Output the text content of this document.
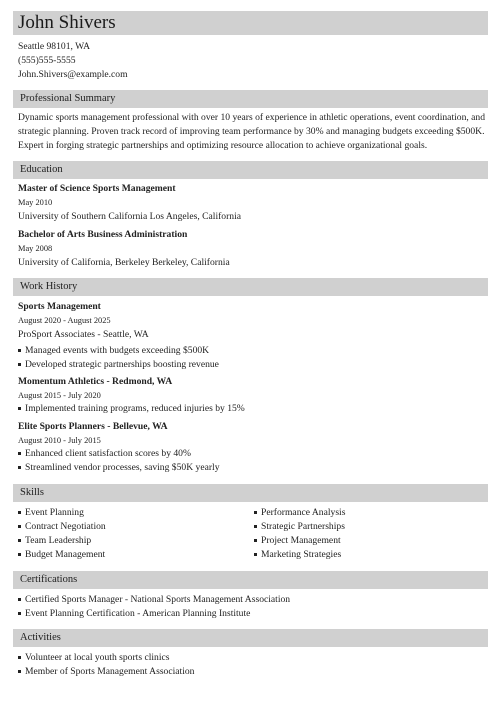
John Shivers
Seattle 98101, WA
(555)555-5555
John.Shivers@example.com
Professional Summary
Dynamic sports management professional with over 10 years of experience in athletic operations, event coordination, and strategic planning. Proven track record of improving team performance by 30% and managing budgets exceeding $500K. Expert in forging strategic partnerships and optimizing resource allocation to achieve organizational goals.
Education
Master of Science Sports Management
May 2010
University of Southern California Los Angeles, California
Bachelor of Arts Business Administration
May 2008
University of California, Berkeley Berkeley, California
Work History
Sports Management
August 2020 - August 2025
ProSport Associates - Seattle, WA
Managed events with budgets exceeding $500K
Developed strategic partnerships boosting revenue
Momentum Athletics - Redmond, WA
August 2015 - July 2020
Implemented training programs, reduced injuries by 15%
Elite Sports Planners - Bellevue, WA
August 2010 - July 2015
Enhanced client satisfaction scores by 40%
Streamlined vendor processes, saving $50K yearly
Skills
Event Planning
Contract Negotiation
Team Leadership
Budget Management
Performance Analysis
Strategic Partnerships
Project Management
Marketing Strategies
Certifications
Certified Sports Manager - National Sports Management Association
Event Planning Certification - American Planning Institute
Activities
Volunteer at local youth sports clinics
Member of Sports Management Association
